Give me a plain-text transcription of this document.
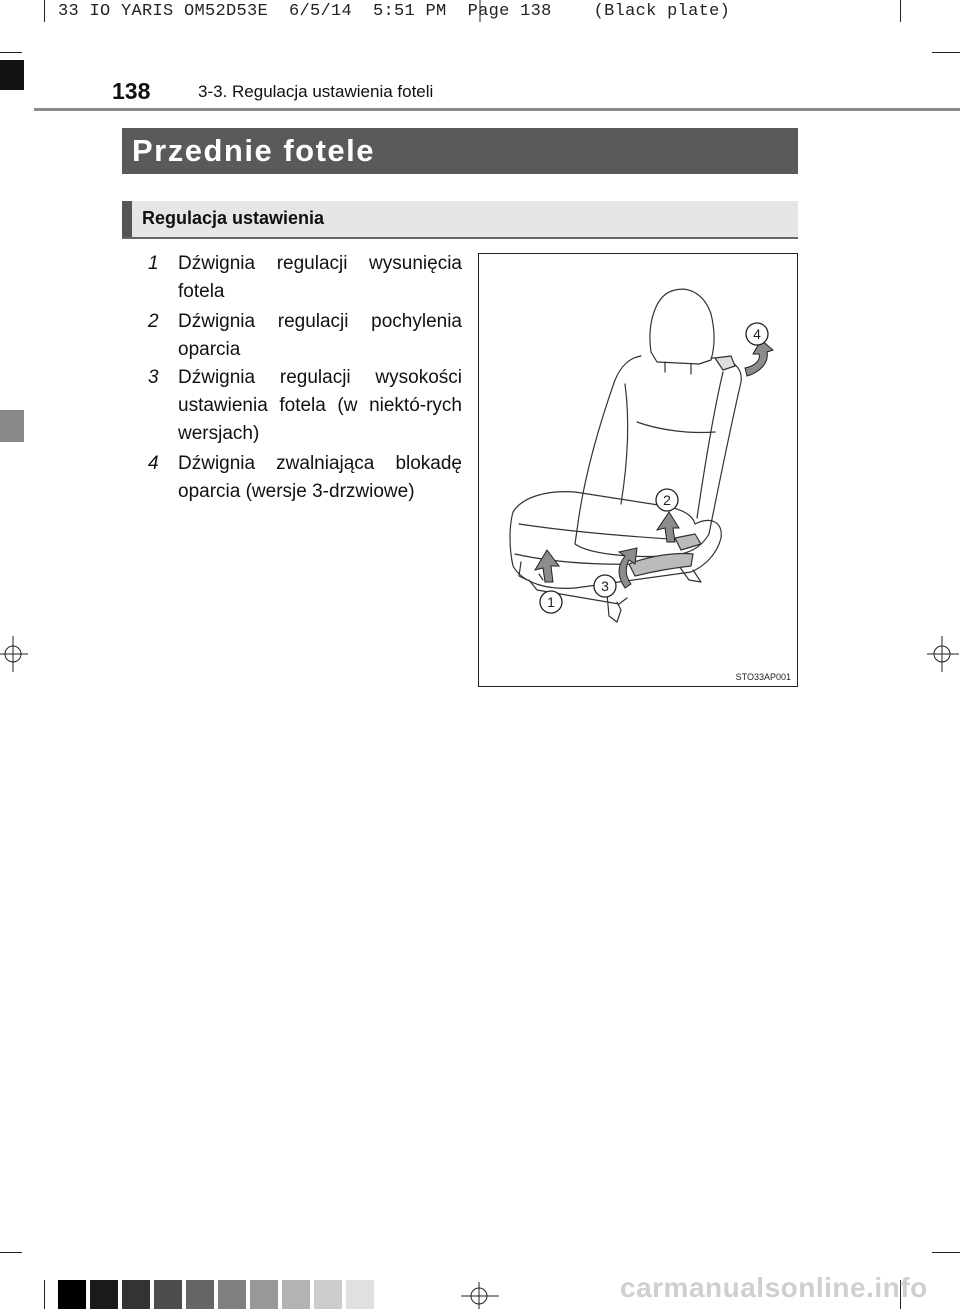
33 IO YARIS OM52D53E  6/5/14  5:51 PM  Page 138    (Black plate)
138	3-3. Regulacja ustawienia foteli
Przednie fotele
Regulacja ustawienia
1 Dźwignia regulacji wysunięcia fotela
2 Dźwignia regulacji pochylenia oparcia
3 Dźwignia regulacji wysokości ustawienia fotela (w niektó-rych wersjach)
4 Dźwignia zwalniająca blokadę oparcia (wersje 3-drzwiowe)
1
2
3
4
STO33AP001
carmanualsonline.info
